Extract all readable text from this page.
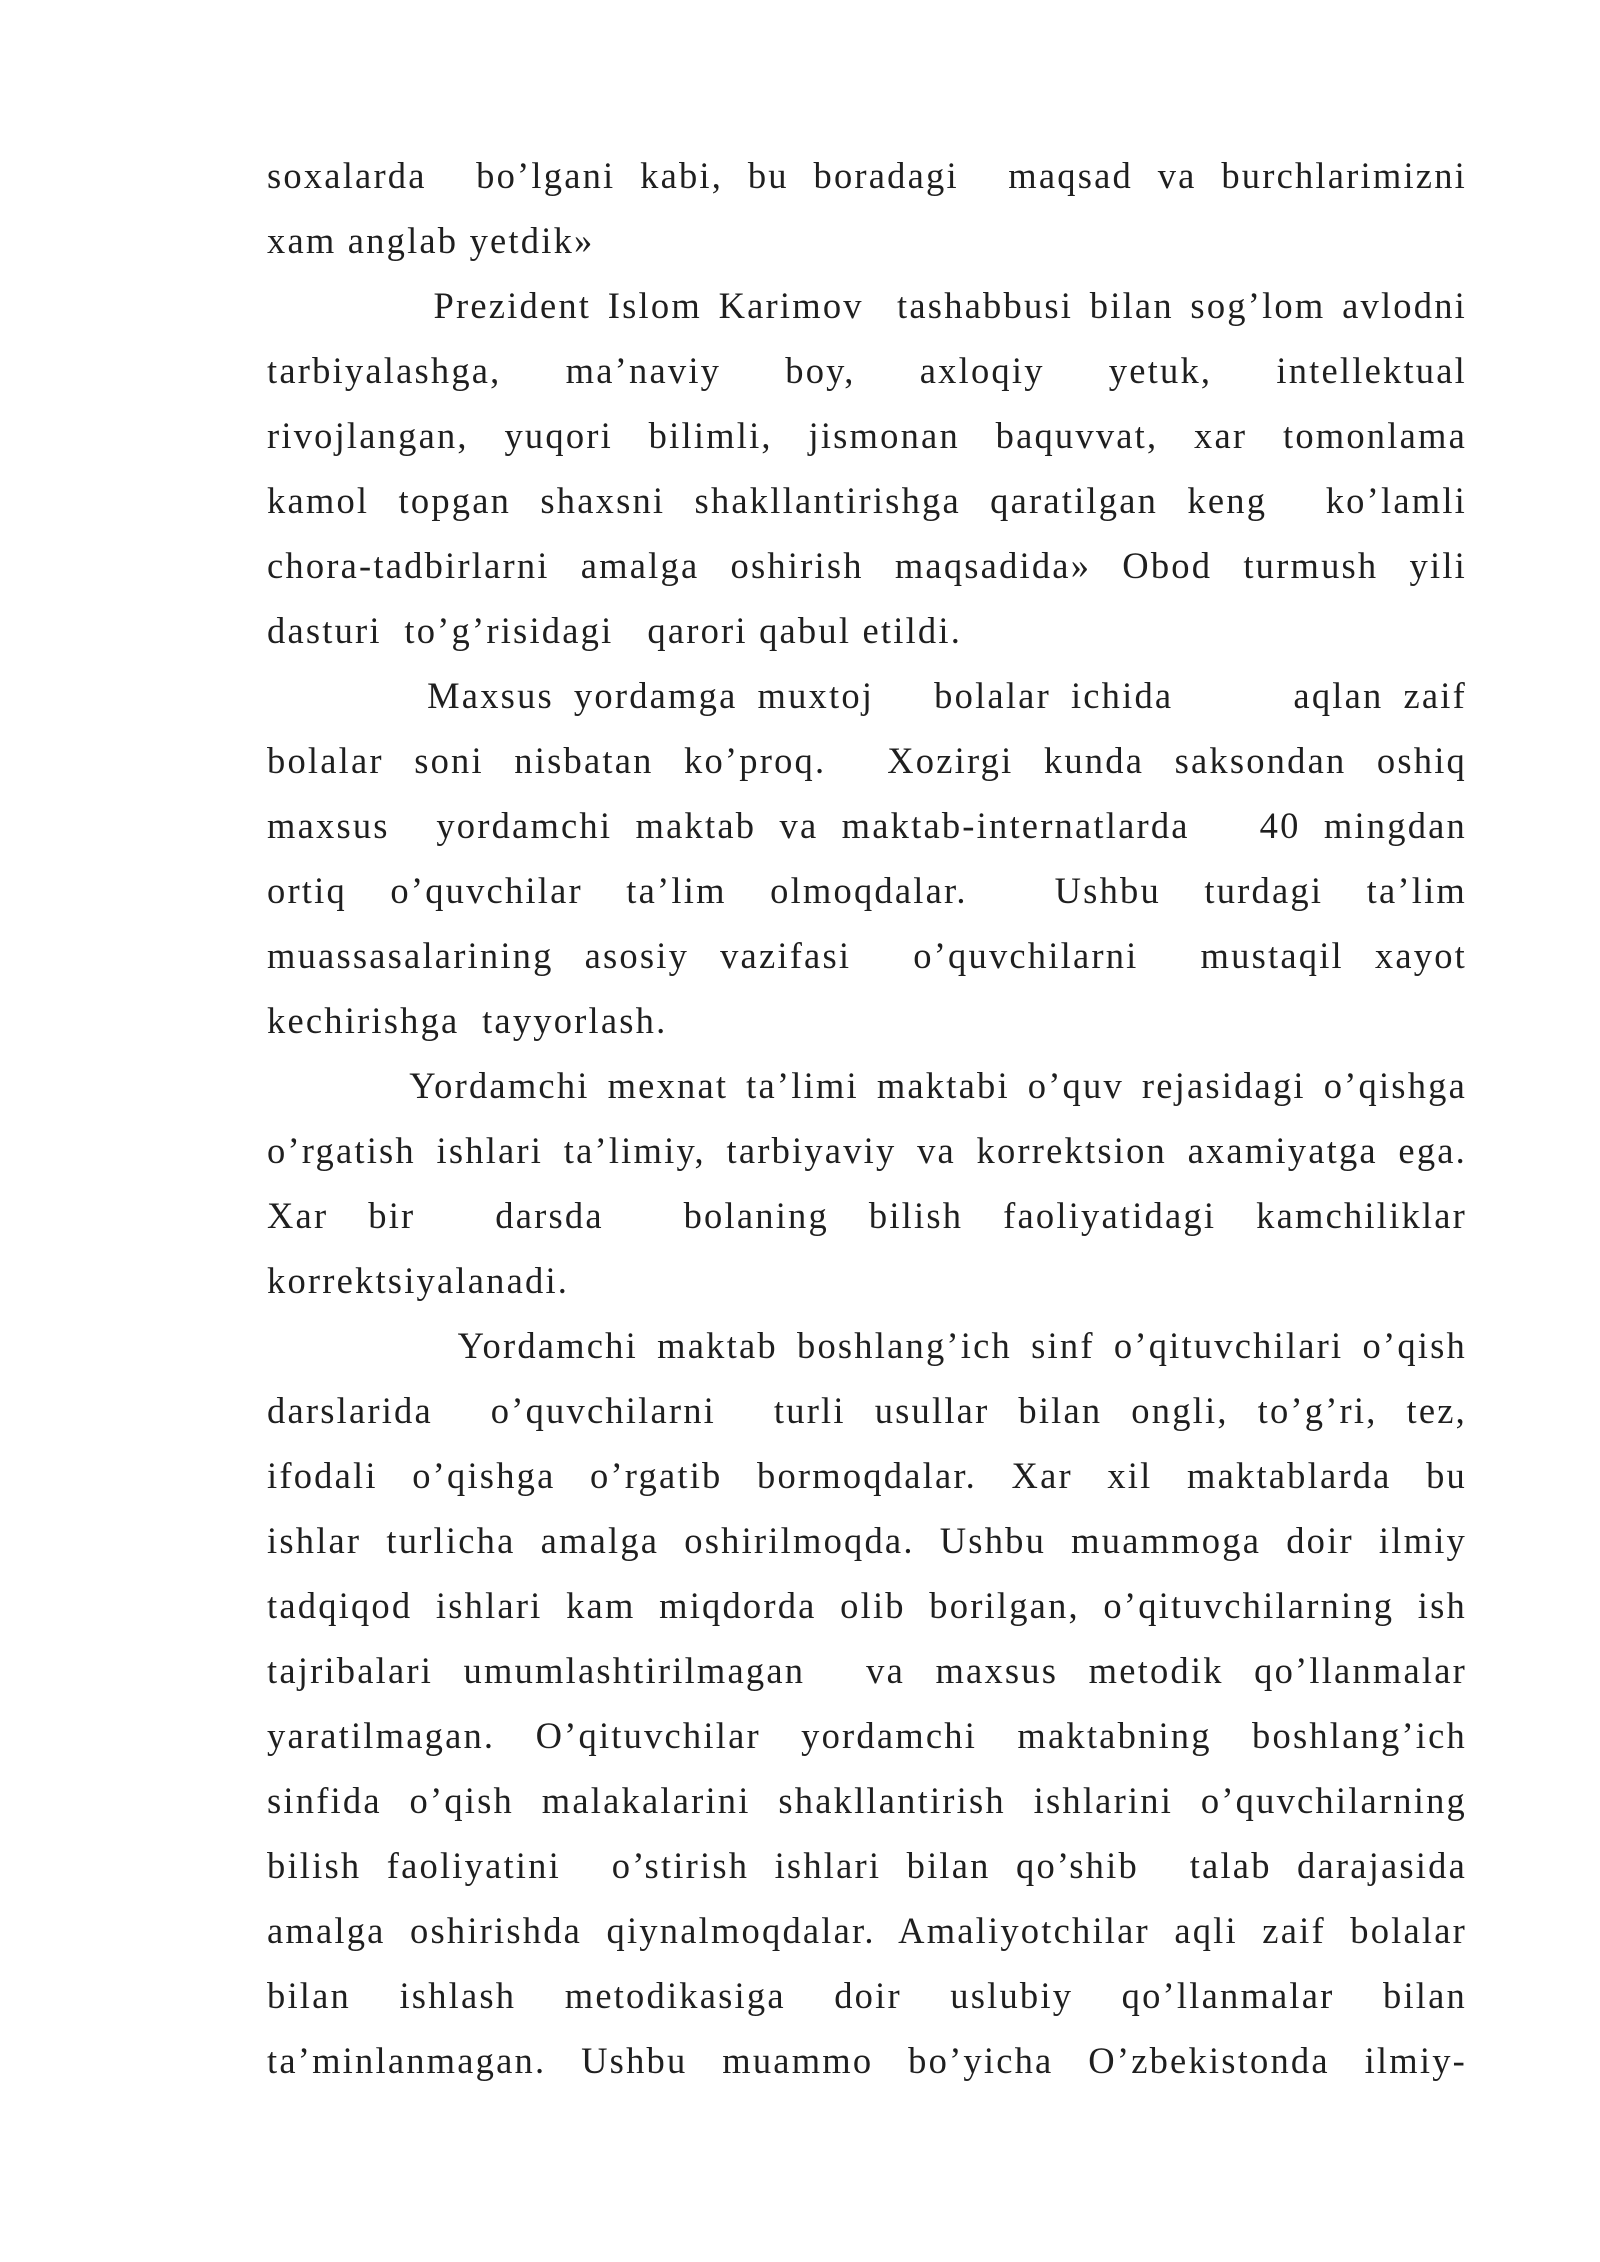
soxalarda  bo’lgani kabi, bu boradagi  maqsad va burchlarimizni
xam anglab yetdik»
Prezident Islom Karimov  tashabbusi bilan sog’lom avlodni
tarbiyalashga, ma’naviy boy, axloqiy yetuk, intellektual
rivojlangan, yuqori bilimli, jismonan baquvvat, xar tomonlama
kamol topgan shaxsni shakllantirishga qaratilgan keng  ko’lamli
chora-tadbirlarni amalga oshirish maqsadida» Obod turmush yili
dasturi  to’g’risidagi   qarori qabul etildi.
Maxsus yordamga muxtoj   bolalar ichida      aqlan zaif
bolalar soni nisbatan ko’proq.  Xozirgi kunda saksondan oshiq
maxsus  yordamchi maktab va maktab-internatlarda   40 mingdan
ortiq o’quvchilar ta’lim olmoqdalar.  Ushbu turdagi ta’lim
muassasalarining asosiy vazifasi  o’quvchilarni  mustaqil xayot
kechirishga  tayyorlash.
Yordamchi mexnat ta’limi maktabi o’quv rejasidagi o’qishga
o’rgatish ishlari ta’limiy, tarbiyaviy va korrektsion axamiyatga ega.
Xar bir  darsda  bolaning bilish faoliyatidagi kamchiliklar
korrektsiyalanadi.
Yordamchi maktab boshlang’ich sinf o’qituvchilari o’qish
darslarida  o’quvchilarni  turli usullar bilan ongli, to’g’ri, tez,
ifodali o’qishga o’rgatib bormoqdalar. Xar xil maktablarda bu
ishlar turlicha amalga oshirilmoqda. Ushbu muammoga doir ilmiy
tadqiqod ishlari kam miqdorda olib borilgan, o’qituvchilarning ish
tajribalari umumlashtirilmagan  va maxsus metodik qo’llanmalar
yaratilmagan. O’qituvchilar yordamchi maktabning boshlang’ich
sinfida o’qish malakalarini shakllantirish ishlarini o’quvchilarning
bilish faoliyatini  o’stirish ishlari bilan qo’shib  talab darajasida
amalga oshirishda qiynalmoqdalar. Amaliyotchilar aqli zaif bolalar
bilan ishlash metodikasiga doir uslubiy qo’llanmalar bilan
ta’minlanmagan. Ushbu muammo bo’yicha O’zbekistonda ilmiy-
